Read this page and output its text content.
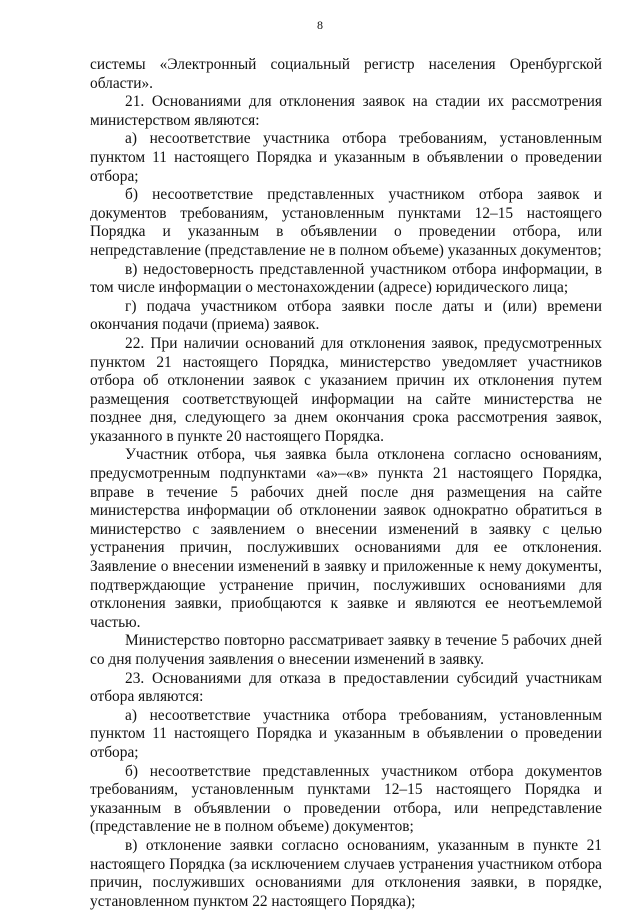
8

системы «Электронный социальный регистр населения Оренбургской области».

21. Основаниями для отклонения заявок на стадии их рассмотрения министерством являются:

а) несоответствие участника отбора требованиям, установленным пунктом 11 настоящего Порядка и указанным в объявлении о проведении отбора;

б) несоответствие представленных участником отбора заявок и документов требованиям, установленным пунктами 12–15 настоящего Порядка и указанным в объявлении о проведении отбора, или непредставление (представление не в полном объеме) указанных документов;

в) недостоверность представленной участником отбора информации, в том числе информации о местонахождении (адресе) юридического лица;

г) подача участником отбора заявки после даты и (или) времени окончания подачи (приема) заявок.

22. При наличии оснований для отклонения заявок, предусмотренных пунктом 21 настоящего Порядка, министерство уведомляет участников отбора об отклонении заявок с указанием причин их отклонения путем размещения соответствующей информации на сайте министерства не позднее дня, следующего за днем окончания срока рассмотрения заявок, указанного в пункте 20 настоящего Порядка.

Участник отбора, чья заявка была отклонена согласно основаниям, предусмотренным подпунктами «а»–«в» пункта 21 настоящего Порядка, вправе в течение 5 рабочих дней после дня размещения на сайте министерства информации об отклонении заявок однократно обратиться в министерство с заявлением о внесении изменений в заявку с целью устранения причин, послуживших основаниями для ее отклонения. Заявление о внесении изменений в заявку и приложенные к нему документы, подтверждающие устранение причин, послуживших основаниями для отклонения заявки, приобщаются к заявке и являются ее неотъемлемой частью.

Министерство повторно рассматривает заявку в течение 5 рабочих дней со дня получения заявления о внесении изменений в заявку.

23. Основаниями для отказа в предоставлении субсидий участникам отбора являются:

а) несоответствие участника отбора требованиям, установленным пунктом 11 настоящего Порядка и указанным в объявлении о проведении отбора;

б) несоответствие представленных участником отбора документов требованиям, установленным пунктами 12–15 настоящего Порядка и указанным в объявлении о проведении отбора, или непредставление (представление не в полном объеме) документов;

в) отклонение заявки согласно основаниям, указанным в пункте 21 настоящего Порядка (за исключением случаев устранения участником отбора причин, послуживших основаниями для отклонения заявки, в порядке, установленном пунктом 22 настоящего Порядка);
